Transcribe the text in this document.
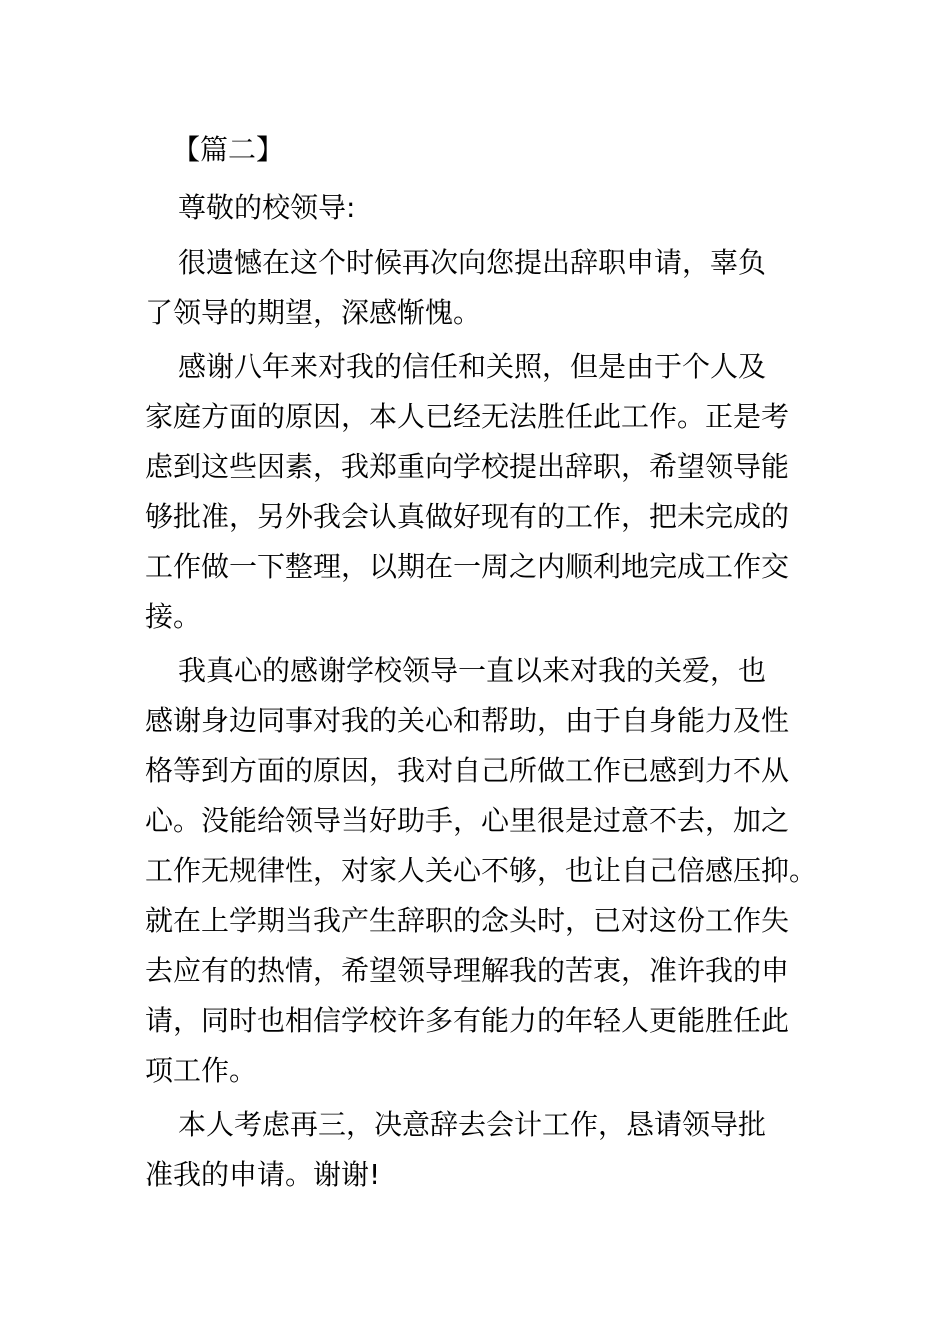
【篇二】
尊敬的校领导:
很遗憾在这个时候再次向您提出辞职申请，辜负
了领导的期望，深感惭愧。
感谢八年来对我的信任和关照，但是由于个人及
家庭方面的原因，本人已经无法胜任此工作。正是考
虑到这些因素，我郑重向学校提出辞职，希望领导能
够批准，另外我会认真做好现有的工作，把未完成的
工作做一下整理，以期在一周之内顺利地完成工作交
接。
我真心的感谢学校领导一直以来对我的关爱，也
感谢身边同事对我的关心和帮助，由于自身能力及性
格等到方面的原因，我对自己所做工作已感到力不从
心。没能给领导当好助手，心里很是过意不去，加之
工作无规律性，对家人关心不够，也让自己倍感压抑。
就在上学期当我产生辞职的念头时，已对这份工作失
去应有的热情，希望领导理解我的苦衷，准许我的申
请，同时也相信学校许多有能力的年轻人更能胜任此
项工作。
本人考虑再三，决意辞去会计工作，恳请领导批
准我的申请。谢谢!
